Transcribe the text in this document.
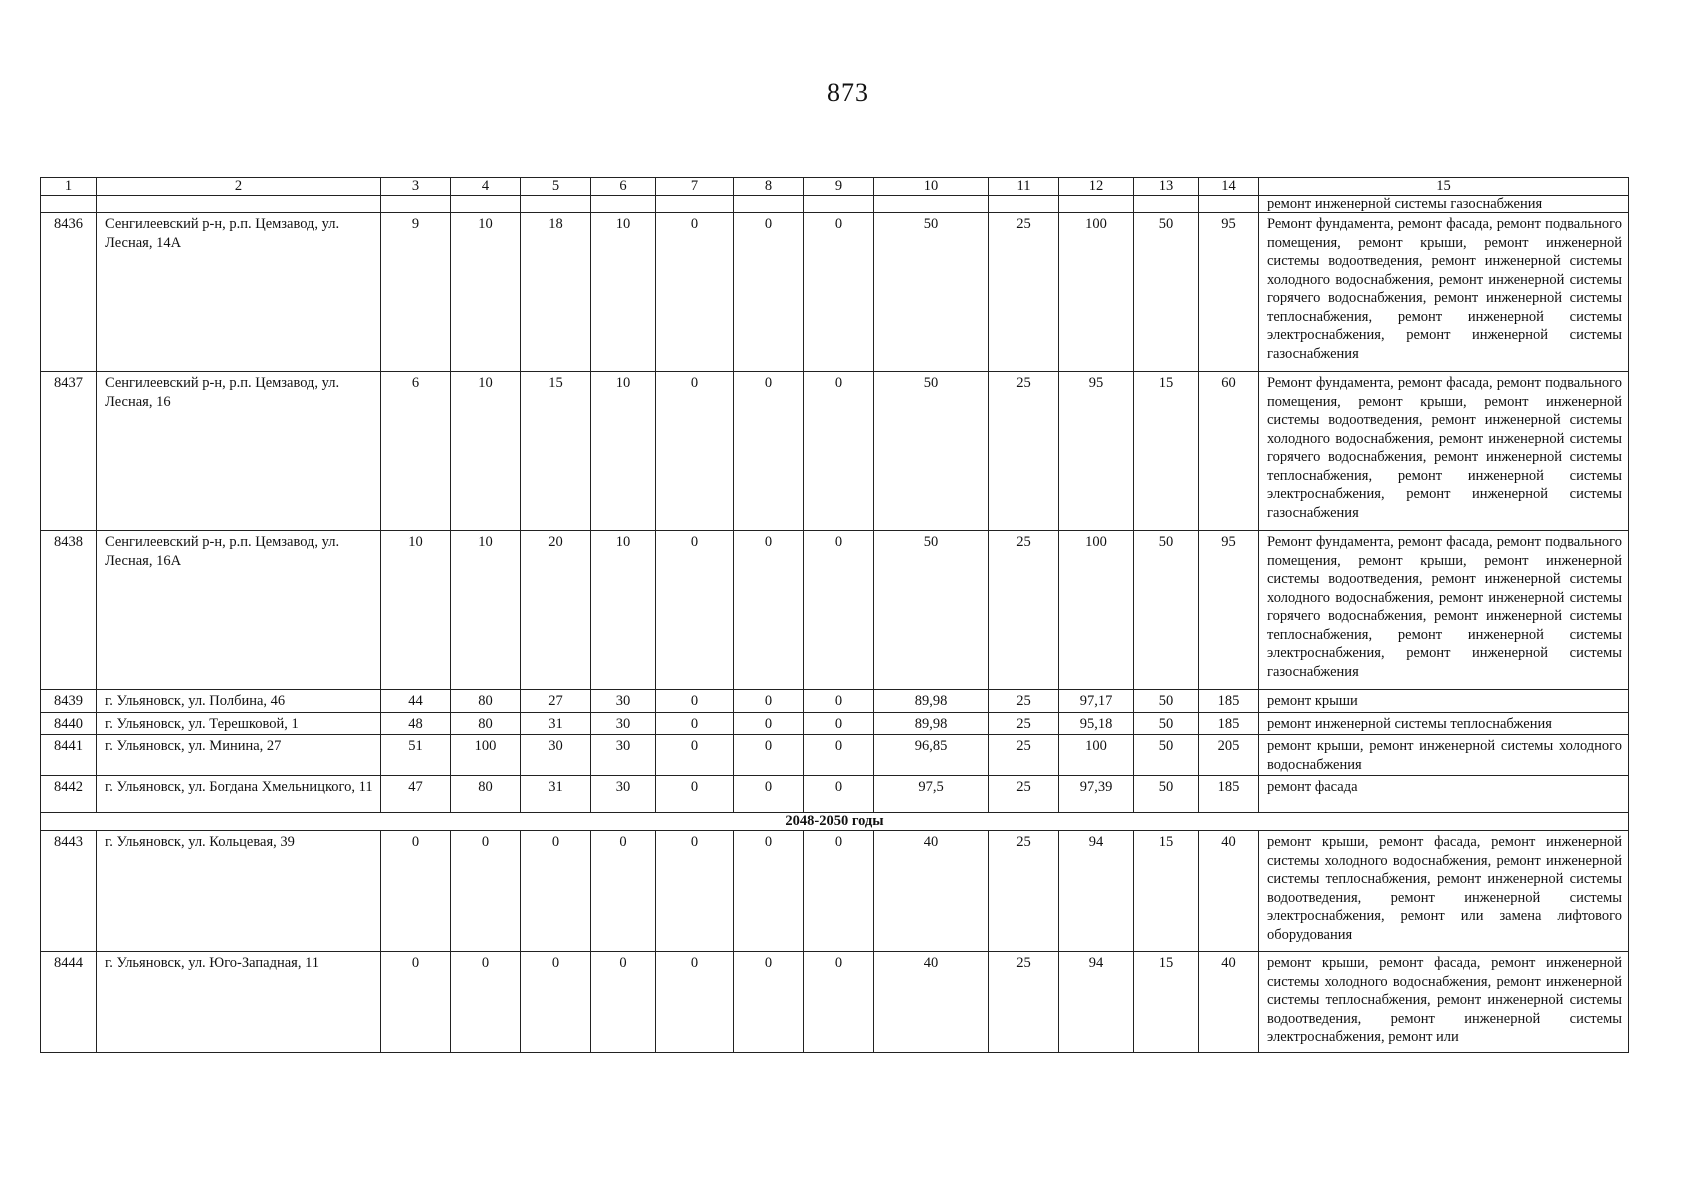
873
1	2	3	4	5	6	7	8	9	10	11	12	13	14	15
														ремонт инженерной системы газоснабжения
8436	Сенгилеевский р-н, р.п. Цемзавод, ул. Лесная, 14А	9	10	18	10	0	0	0	50	25	100	50	95	Ремонт фундамента, ремонт фасада, ремонт подвального помещения, ремонт крыши, ремонт инженерной системы водоотведения, ремонт инженерной системы холодного водоснабжения, ремонт инженерной системы горячего водоснабжения, ремонт инженерной системы теплоснабжения, ремонт инженерной системы электроснабжения, ремонт инженерной системы газоснабжения
8437	Сенгилеевский р-н, р.п. Цемзавод, ул. Лесная, 16	6	10	15	10	0	0	0	50	25	95	15	60	Ремонт фундамента, ремонт фасада, ремонт подвального помещения, ремонт крыши, ремонт инженерной системы водоотведения, ремонт инженерной системы холодного водоснабжения, ремонт инженерной системы горячего водоснабжения, ремонт инженерной системы теплоснабжения, ремонт инженерной системы электроснабжения, ремонт инженерной системы газоснабжения
8438	Сенгилеевский р-н, р.п. Цемзавод, ул. Лесная, 16А	10	10	20	10	0	0	0	50	25	100	50	95	Ремонт фундамента, ремонт фасада, ремонт подвального помещения, ремонт крыши, ремонт инженерной системы водоотведения, ремонт инженерной системы холодного водоснабжения, ремонт инженерной системы горячего водоснабжения, ремонт инженерной системы теплоснабжения, ремонт инженерной системы электроснабжения, ремонт инженерной системы газоснабжения
8439	г. Ульяновск, ул. Полбина, 46	44	80	27	30	0	0	0	89,98	25	97,17	50	185	ремонт крыши
8440	г. Ульяновск, ул. Терешковой, 1	48	80	31	30	0	0	0	89,98	25	95,18	50	185	ремонт инженерной системы теплоснабжения
8441	г. Ульяновск, ул. Минина, 27	51	100	30	30	0	0	0	96,85	25	100	50	205	ремонт крыши, ремонт инженерной системы холодного водоснабжения
8442	г. Ульяновск, ул. Богдана Хмельницкого, 11	47	80	31	30	0	0	0	97,5	25	97,39	50	185	ремонт фасада
2048-2050 годы														
8443	г. Ульяновск, ул. Кольцевая, 39	0	0	0	0	0	0	0	40	25	94	15	40	ремонт крыши, ремонт фасада, ремонт инженерной системы холодного водоснабжения, ремонт инженерной системы теплоснабжения, ремонт инженерной системы водоотведения, ремонт инженерной системы электроснабжения, ремонт или замена лифтового оборудования
8444	г. Ульяновск, ул. Юго-Западная, 11	0	0	0	0	0	0	0	40	25	94	15	40	ремонт крыши, ремонт фасада, ремонт инженерной системы холодного водоснабжения, ремонт инженерной системы теплоснабжения, ремонт инженерной системы водоотведения, ремонт инженерной системы электроснабжения, ремонт или
